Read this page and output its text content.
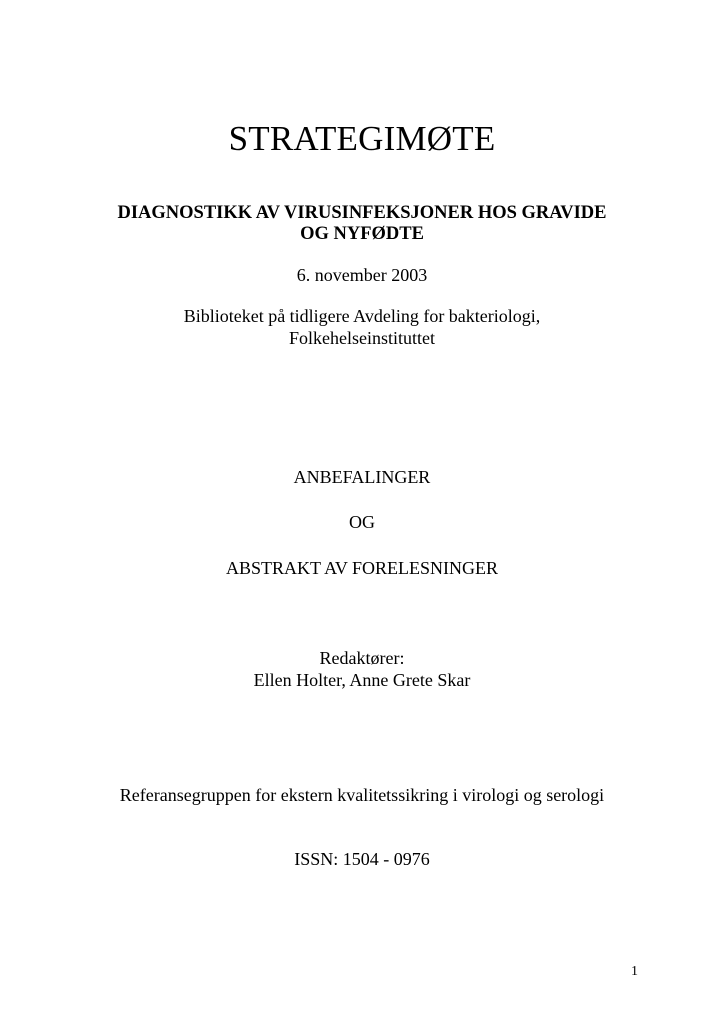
STRATEGIMØTE
DIAGNOSTIKK AV VIRUSINFEKSJONER HOS GRAVIDE
OG NYFØDTE
6. november 2003
Biblioteket på tidligere Avdeling for bakteriologi,
Folkehelseinstituttet
ANBEFALINGER
OG
ABSTRAKT AV FORELESNINGER
Redaktører:
Ellen Holter, Anne Grete Skar
Referansegruppen for ekstern kvalitetssikring i virologi og serologi
ISSN: 1504 - 0976
1
